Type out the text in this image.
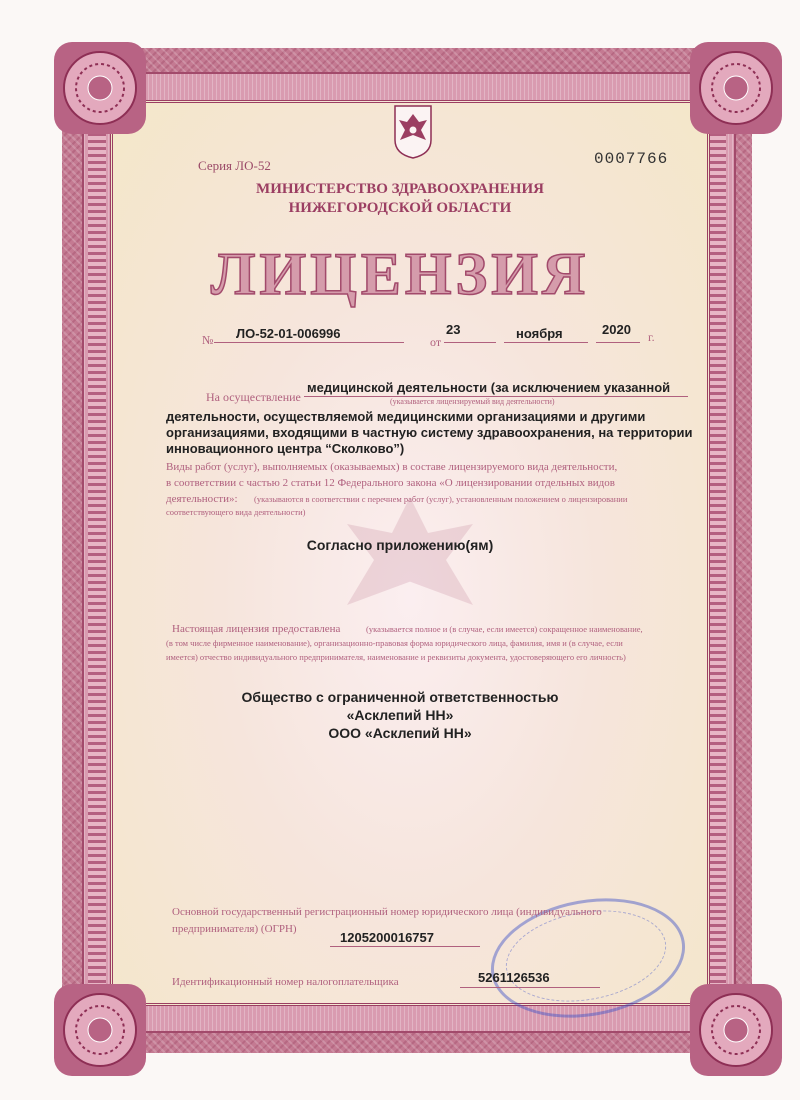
Серия ЛО-52	0007766
МИНИСТЕРСТВО ЗДРАВООХРАНЕНИЯ
НИЖЕГОРОДСКОЙ ОБЛАСТИ
ЛИЦЕНЗИЯ
№ ЛО-52-01-006996
от
23	ноября	2020 г.
На осуществление
медицинской деятельности (за исключением указанной
(указывается лицензируемый вид деятельности)
деятельности, осуществляемой медицинскими организациями и другими
организациями, входящими в частную систему здравоохранения, на территории
инновационного центра “Сколково”)
Виды работ (услуг), выполняемых (оказываемых) в составе лицензируемого вида деятельности,
в соответствии с частью 2 статьи 12 Федерального закона «О лицензировании отдельных видов
деятельности»: (указываются в соответствии с перечнем работ (услуг), установленным положением о лицензировании
соответствующего вида деятельности)
Согласно приложению(ям)
Настоящая лицензия предоставлена	(указывается полное и (в случае, если имеется) сокращенное наименование,
(в том числе фирменное наименование), организационно-правовая форма юридического лица, фамилия, имя и (в случае, если
имеется) отчество индивидуального предпринимателя, наименование и реквизиты документа, удостоверяющего его личность)
Общество с ограниченной ответственностью
«Асклепий НН»
ООО «Асклепий НН»
Основной государственный регистрационный номер юридического лица (индивидуального
предпринимателя) (ОГРН)
1205200016757
Идентификационный номер налогоплательщика	5261126536
